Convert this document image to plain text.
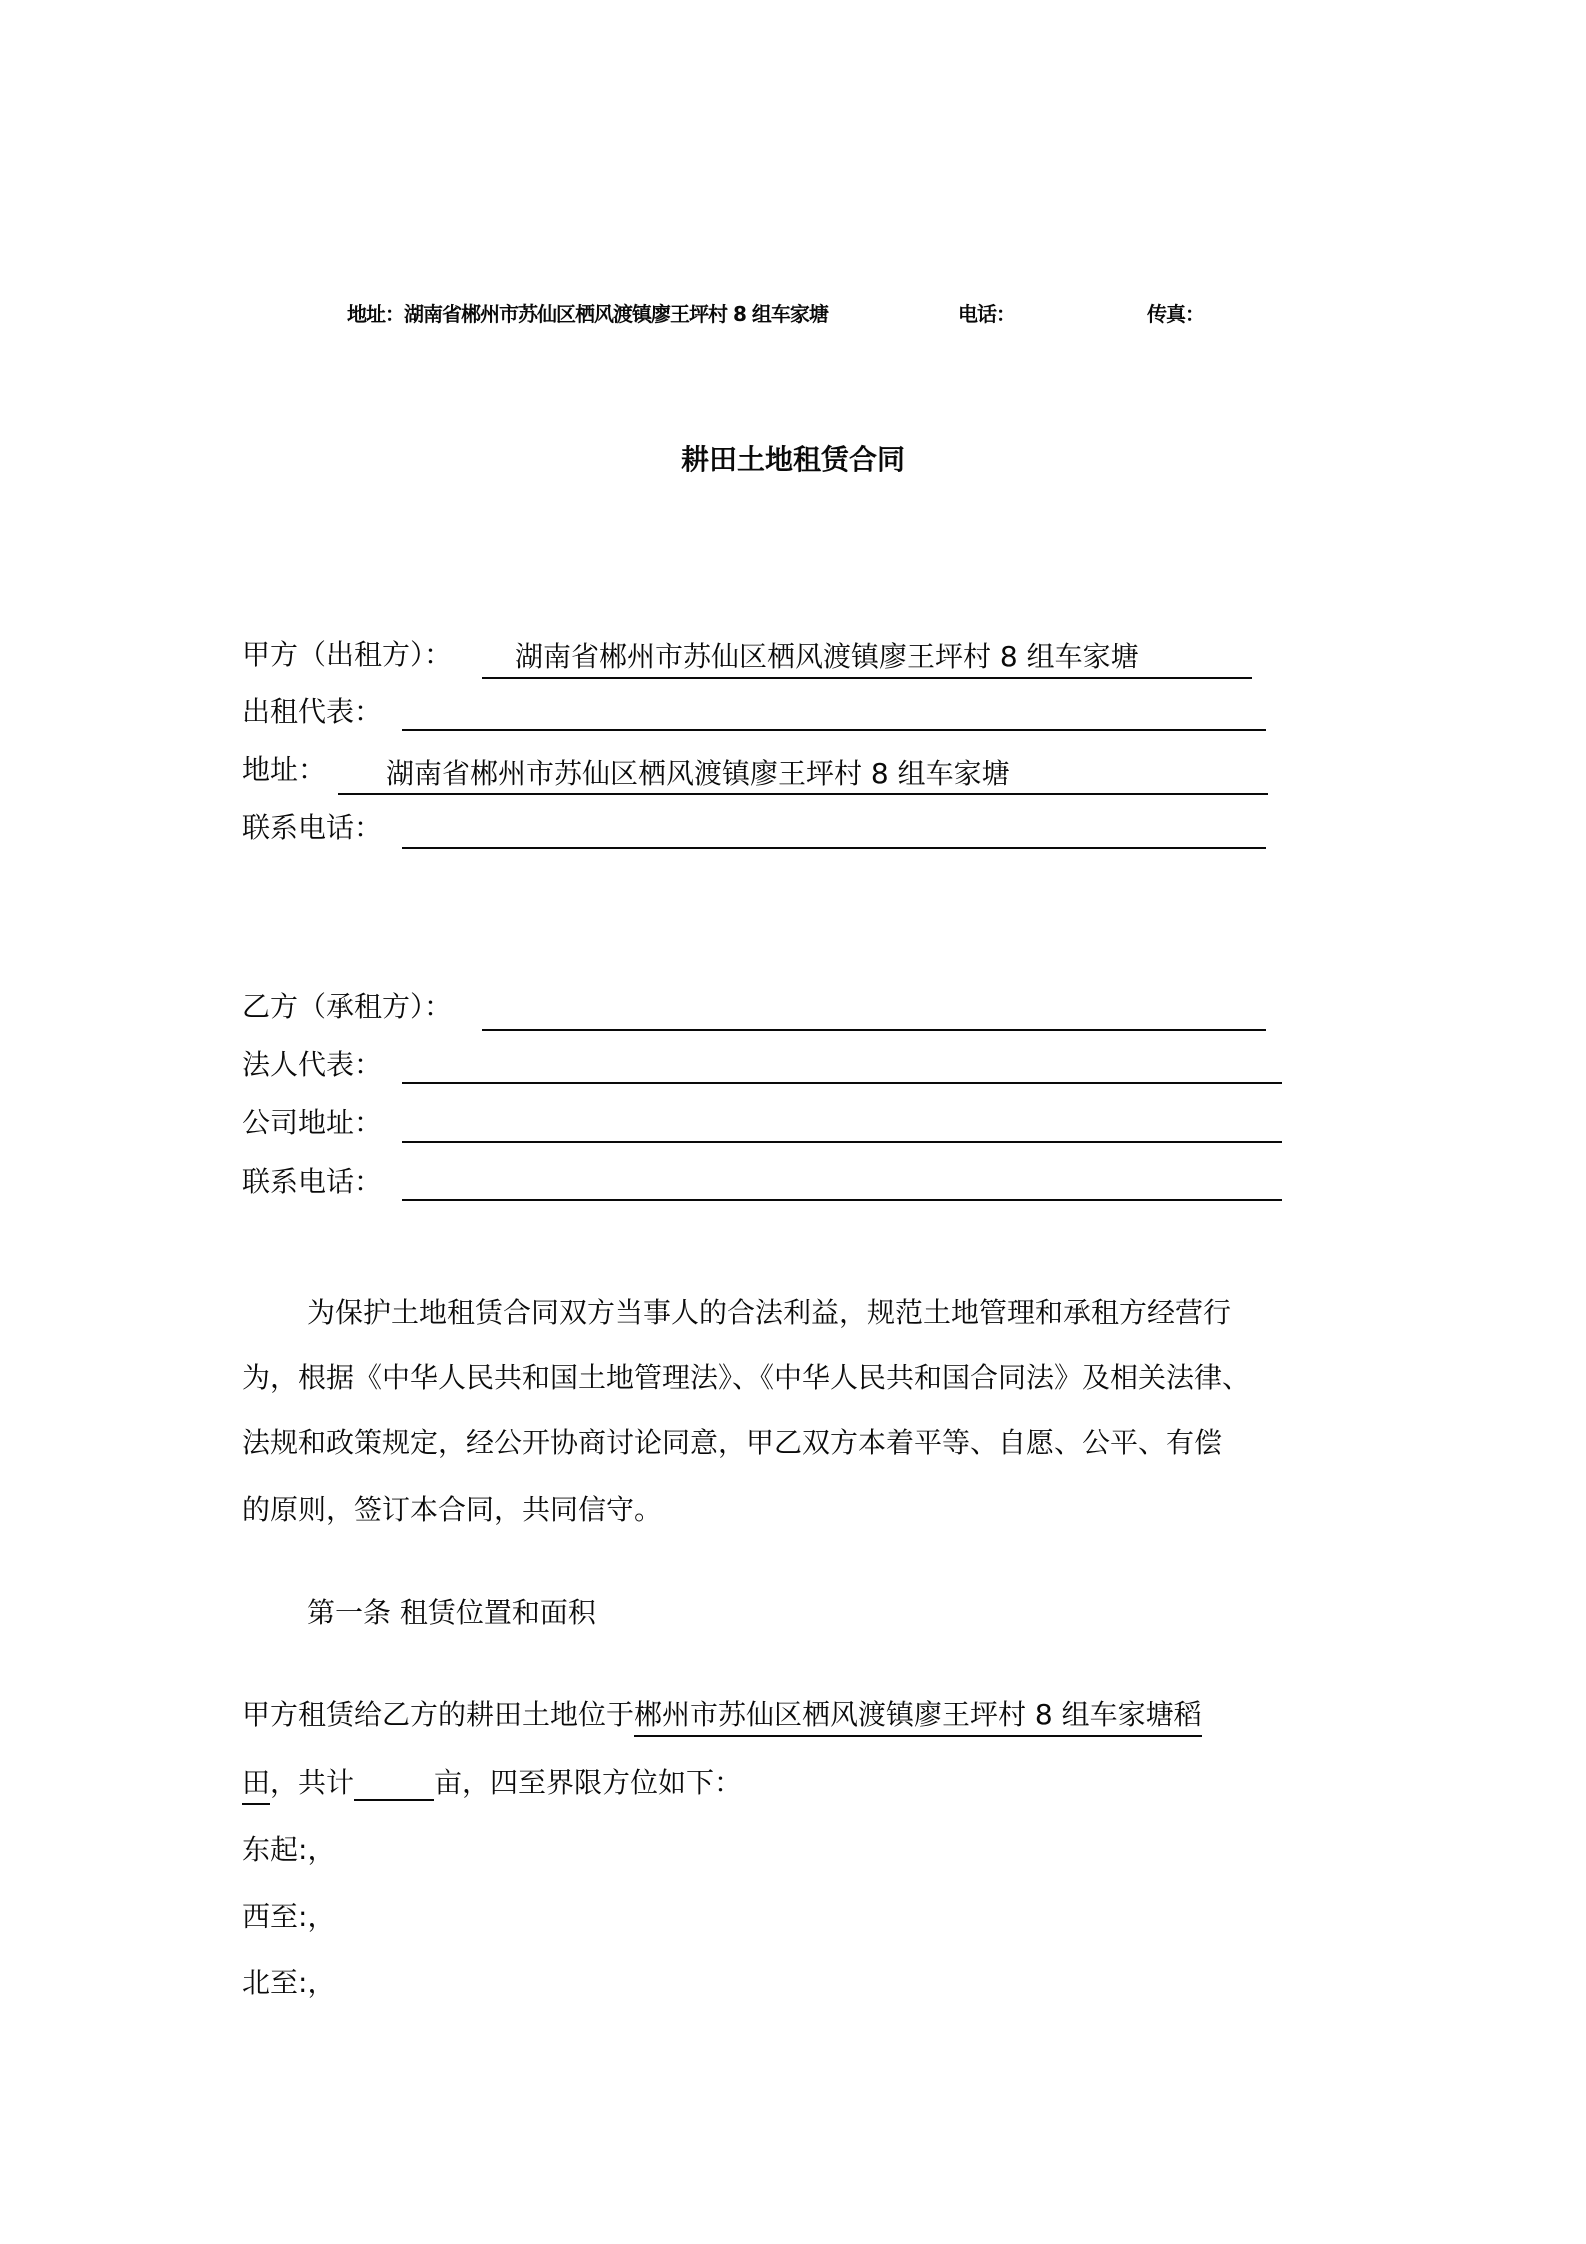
地址：湖南省郴州市苏仙区栖风渡镇廖王坪村 8 组车家塘	电话：	传真：
耕田土地租赁合同
甲方（出租方）： 湖南省郴州市苏仙区栖风渡镇廖王坪村 8 组车家塘
出租代表：
地址： 湖南省郴州市苏仙区栖风渡镇廖王坪村 8 组车家塘
联系电话：
乙方（承租方）：
法人代表：
公司地址：
联系电话：
为保护土地租赁合同双方当事人的合法利益，规范土地管理和承租方经营行
为，根据《中华人民共和国土地管理法》、《中华人民共和国合同法》及相关法律、
法规和政策规定，经公开协商讨论同意，甲乙双方本着平等、自愿、公平、有偿
的原则，签订本合同，共同信守。
第一条 租赁位置和面积
甲方租赁给乙方的耕田土地位于郴州市苏仙区栖风渡镇廖王坪村 8 组车家塘稻
田，共计	亩，四至界限方位如下：
东起:，
西至:，
北至:，
